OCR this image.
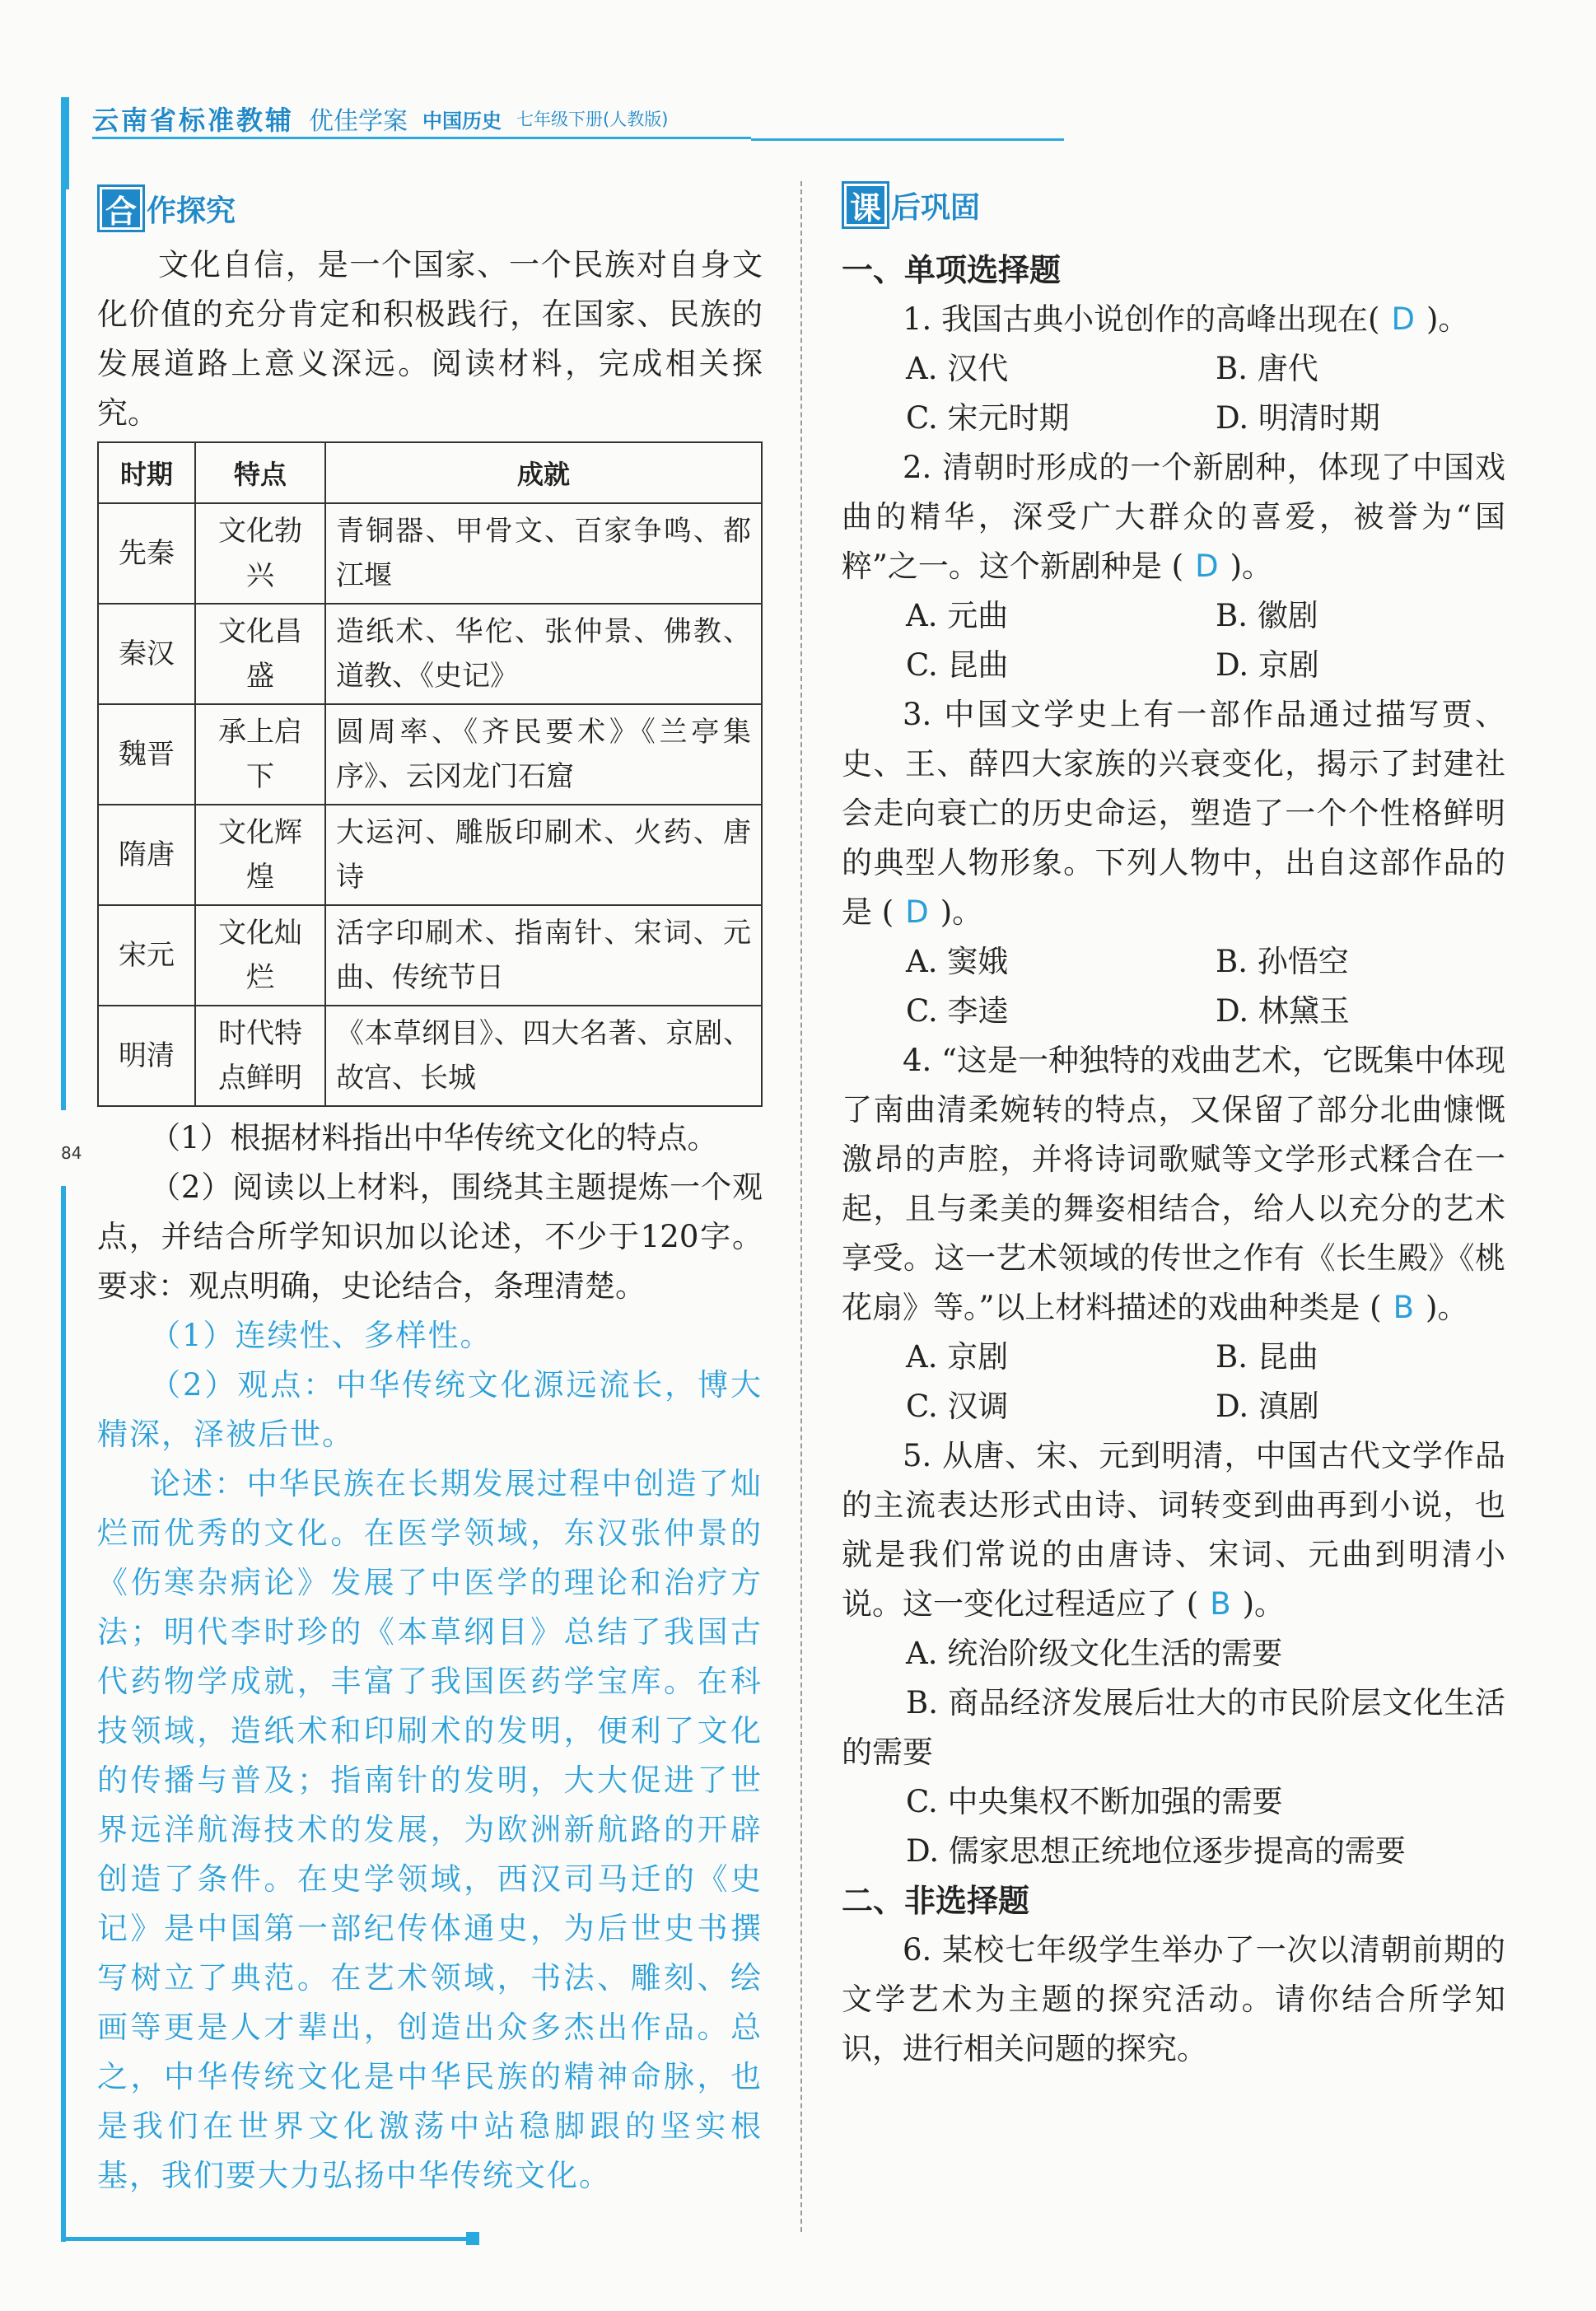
云南省标准教辅 优佳学案 中国历史 七年级下册(人教版)
84
合 作探究
文化自信，是一个国家、一个民族对自身文化价值的充分肯定和积极践行，在国家、民族的发展道路上意义深远。阅读材料，完成相关探究。
时期	特点	成就
先秦	文化勃兴	青铜器、甲骨文、百家争鸣、都江堰
秦汉	文化昌盛	造纸术、华佗、张仲景、佛教、道教、《史记》
魏晋	承上启下	圆周率、《齐民要术》《兰亭集序》、云冈龙门石窟
隋唐	文化辉煌	大运河、雕版印刷术、火药、唐诗
宋元	文化灿烂	活字印刷术、指南针、宋词、元曲、传统节日
明清	时代特点鲜明	《本草纲目》、四大名著、京剧、故宫、长城
（1）根据材料指出中华传统文化的特点。
（2）阅读以上材料，围绕其主题提炼一个观点，并结合所学知识加以论述，不少于120字。要求：观点明确，史论结合，条理清楚。
（1）连续性、多样性。
（2）观点：中华传统文化源远流长，博大精深，泽被后世。
论述：中华民族在长期发展过程中创造了灿烂而优秀的文化。在医学领域，东汉张仲景的《伤寒杂病论》发展了中医学的理论和治疗方法；明代李时珍的《本草纲目》总结了我国古代药物学成就，丰富了我国医药学宝库。在科技领域，造纸术和印刷术的发明，便利了文化的传播与普及；指南针的发明，大大促进了世界远洋航海技术的发展，为欧洲新航路的开辟创造了条件。在史学领域，西汉司马迁的《史记》是中国第一部纪传体通史，为后世史书撰写树立了典范。在艺术领域，书法、雕刻、绘画等更是人才辈出，创造出众多杰出作品。总之，中华传统文化是中华民族的精神命脉，也是我们在世界文化激荡中站稳脚跟的坚实根基，我们要大力弘扬中华传统文化。
课 后巩固
一、单项选择题
1. 我国古典小说创作的高峰出现在( D )。
A. 汉代	B. 唐代
C. 宋元时期	D. 明清时期
2. 清朝时形成的一个新剧种，体现了中国戏曲的精华，深受广大群众的喜爱，被誉为“国粹”之一。这个新剧种是 ( D )。
A. 元曲	B. 徽剧
C. 昆曲	D. 京剧
3. 中国文学史上有一部作品通过描写贾、史、王、薛四大家族的兴衰变化，揭示了封建社会走向衰亡的历史命运，塑造了一个个性格鲜明的典型人物形象。下列人物中，出自这部作品的是 ( D )。
A. 窦娥	B. 孙悟空
C. 李逵	D. 林黛玉
4. “这是一种独特的戏曲艺术，它既集中体现了南曲清柔婉转的特点，又保留了部分北曲慷慨激昂的声腔，并将诗词歌赋等文学形式糅合在一起，且与柔美的舞姿相结合，给人以充分的艺术享受。这一艺术领域的传世之作有《长生殿》《桃花扇》等。”以上材料描述的戏曲种类是 ( B )。
A. 京剧	B. 昆曲
C. 汉调	D. 滇剧
5. 从唐、宋、元到明清，中国古代文学作品的主流表达形式由诗、词转变到曲再到小说，也就是我们常说的由唐诗、宋词、元曲到明清小说。这一变化过程适应了 ( B )。
A. 统治阶级文化生活的需要
B. 商品经济发展后壮大的市民阶层文化生活的需要
C. 中央集权不断加强的需要
D. 儒家思想正统地位逐步提高的需要
二、非选择题
6. 某校七年级学生举办了一次以清朝前期的文学艺术为主题的探究活动。请你结合所学知识，进行相关问题的探究。
